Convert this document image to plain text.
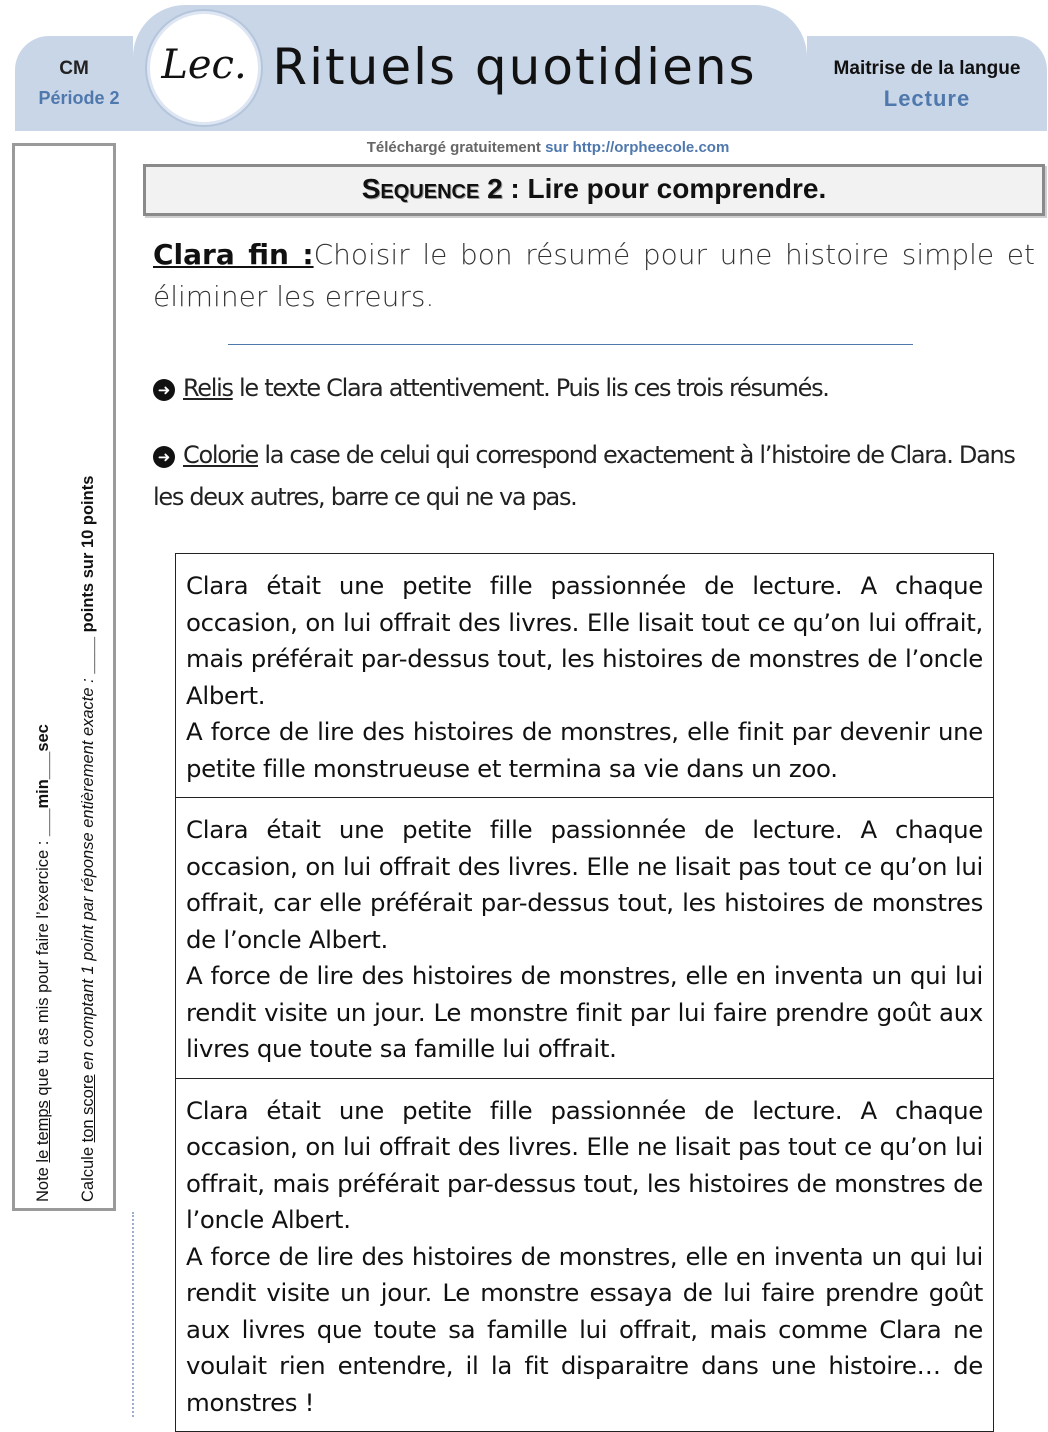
CM
Période 2
Lec. Rituels quotidiens	Maitrise de la langue
Lecture
Téléchargé gratuitement sur http://orpheecole.com
Note le temps que tu as mis pour faire l’exercice : ___min___sec
Calcule ton score en comptant 1 point par réponse entièrement exacte : ____ points sur 10 points
Sequence 2 : Lire pour comprendre.
Clara fin :Choisir le bon résumé pour une histoire simple et éliminer les erreurs.
➜ Relis le texte Clara attentivement. Puis lis ces trois résumés.
➜ Colorie la case de celui qui correspond exactement à l’histoire de Clara. Dans les deux autres, barre ce qui ne va pas.

Clara était une petite fille passionnée de lecture. A chaque occasion, on lui offrait des livres. Elle lisait tout ce qu’on lui offrait, mais préférait par-dessus tout, les histoires de monstres de l’oncle Albert.

A force de lire des histoires de monstres, elle finit par devenir une petite fille monstrueuse et termina sa vie dans un zoo.

Clara était une petite fille passionnée de lecture. A chaque occasion, on lui offrait des livres. Elle ne lisait pas tout ce qu’on lui offrait, car elle préférait par-dessus tout, les histoires de monstres de l’oncle Albert.

A force de lire des histoires de monstres, elle en inventa un qui lui rendit visite un jour. Le monstre finit par lui faire prendre goût aux livres que toute sa famille lui offrait.

Clara était une petite fille passionnée de lecture. A chaque occasion, on lui offrait des livres. Elle ne lisait pas tout ce qu’on lui offrait, mais préférait par-dessus tout, les histoires de monstres de l’oncle Albert.

A force de lire des histoires de monstres, elle en inventa un qui lui rendit visite un jour. Le monstre essaya de lui faire prendre goût aux livres que toute sa famille lui offrait, mais comme Clara ne voulait rien entendre, il la fit disparaitre dans une histoire… de monstres !
